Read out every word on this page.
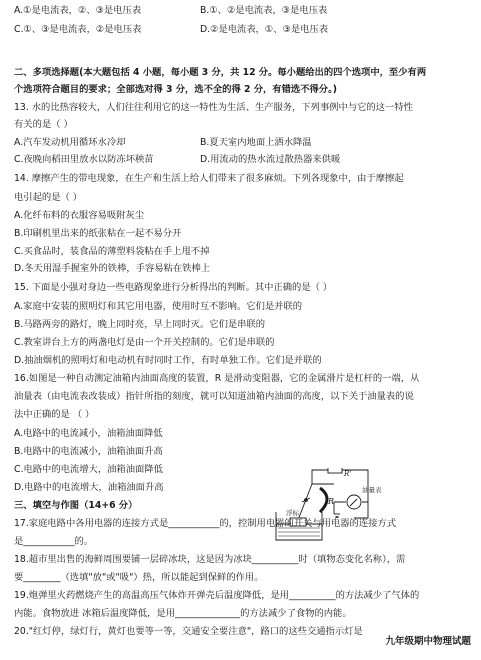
A.①是电流表，②、③是电压表	B.①、②是电流表，③是电压表
C.①、③是电流表，②是电压表	D.②是电流表，①、③是电压表
二、多项选择题(本大题包括 4 小题，每小题 3 分，共 12 分。每小题给出的四个选项中，至少有两
个选项符合题目的要求；全部选对得 3 分，选不全的得 2 分，有错选不得分。)
13. 水的比热容较大，人们往往利用它的这一特性为生活、生产服务，下列事例中与它的这一特性
有关的是（ ）
A.汽车发动机用循环水冷却	B.夏天室内地面上洒水降温
C.夜晚向稻田里放水以防冻坏秧苗	D.用流动的热水流过散热器来供暖
14. 摩擦产生的带电现象，在生产和生活上给人们带来了很多麻烦。下列各现象中，由于摩擦起
电引起的是（ ）
A.化纤布料的衣服容易吸附灰尘
B.印刷机里出来的纸张粘在一起不易分开
C.买食品时，装食品的薄塑料袋粘在手上甩不掉
D.冬天用湿手握室外的铁棒，手容易粘在铁棒上
15. 下面是小强对身边一些电路现象进行分析得出的判断。其中正确的是（ ）
A.家庭中安装的照明灯和其它用电器，使用时互不影响。它们是并联的
B.马路两旁的路灯，晚上同时亮，早上同时灭。它们是串联的
C.教室讲台上方的两盏电灯是由一个开关控制的。它们是串联的
D.抽油烟机的照明灯和电动机有时同时工作，有时单独工作。它们是并联的
16.如图是一种自动测定油箱内油面高度的装置，R 是滑动变阻器，它的金属滑片是杠杆的一端，从
油量表（由电流表改装成）指针所指的刻度，就可以知道油箱内油面的高度，以下关于油量表的说
法中正确的是 （ ）
A.电路中的电流减小，油箱油面降低
B.电路中的电流减小，油箱油面升高
C.电路中的电流增大，油箱油面降低
D.电路中的电流增大，油箱油面升高
R'
R
浮标
油量表
三、填空与作图（14+6 分）
17.家庭电路中各用电器的连接方式是___________的，控制用电器的开关与用电器的连接方式
是___________的。
18.超市里出售的海鲜周围要铺一层碎冰块，这是因为冰块__________时（填物态变化名称），需
要________（选填"放"或"吸"）热，所以能起到保鲜的作用。
19.炮弹里火药燃烧产生的高温高压气体炸开弹壳后温度降低，是用__________的方法减少了气体的
内能。食物放进 冰箱后温度降低，是用______________的方法减少了食物的内能。
20."红灯停，绿灯行，黄灯也要等一等，交通安全要注意"，路口的这些交通指示灯是
九年级期中物理试题
